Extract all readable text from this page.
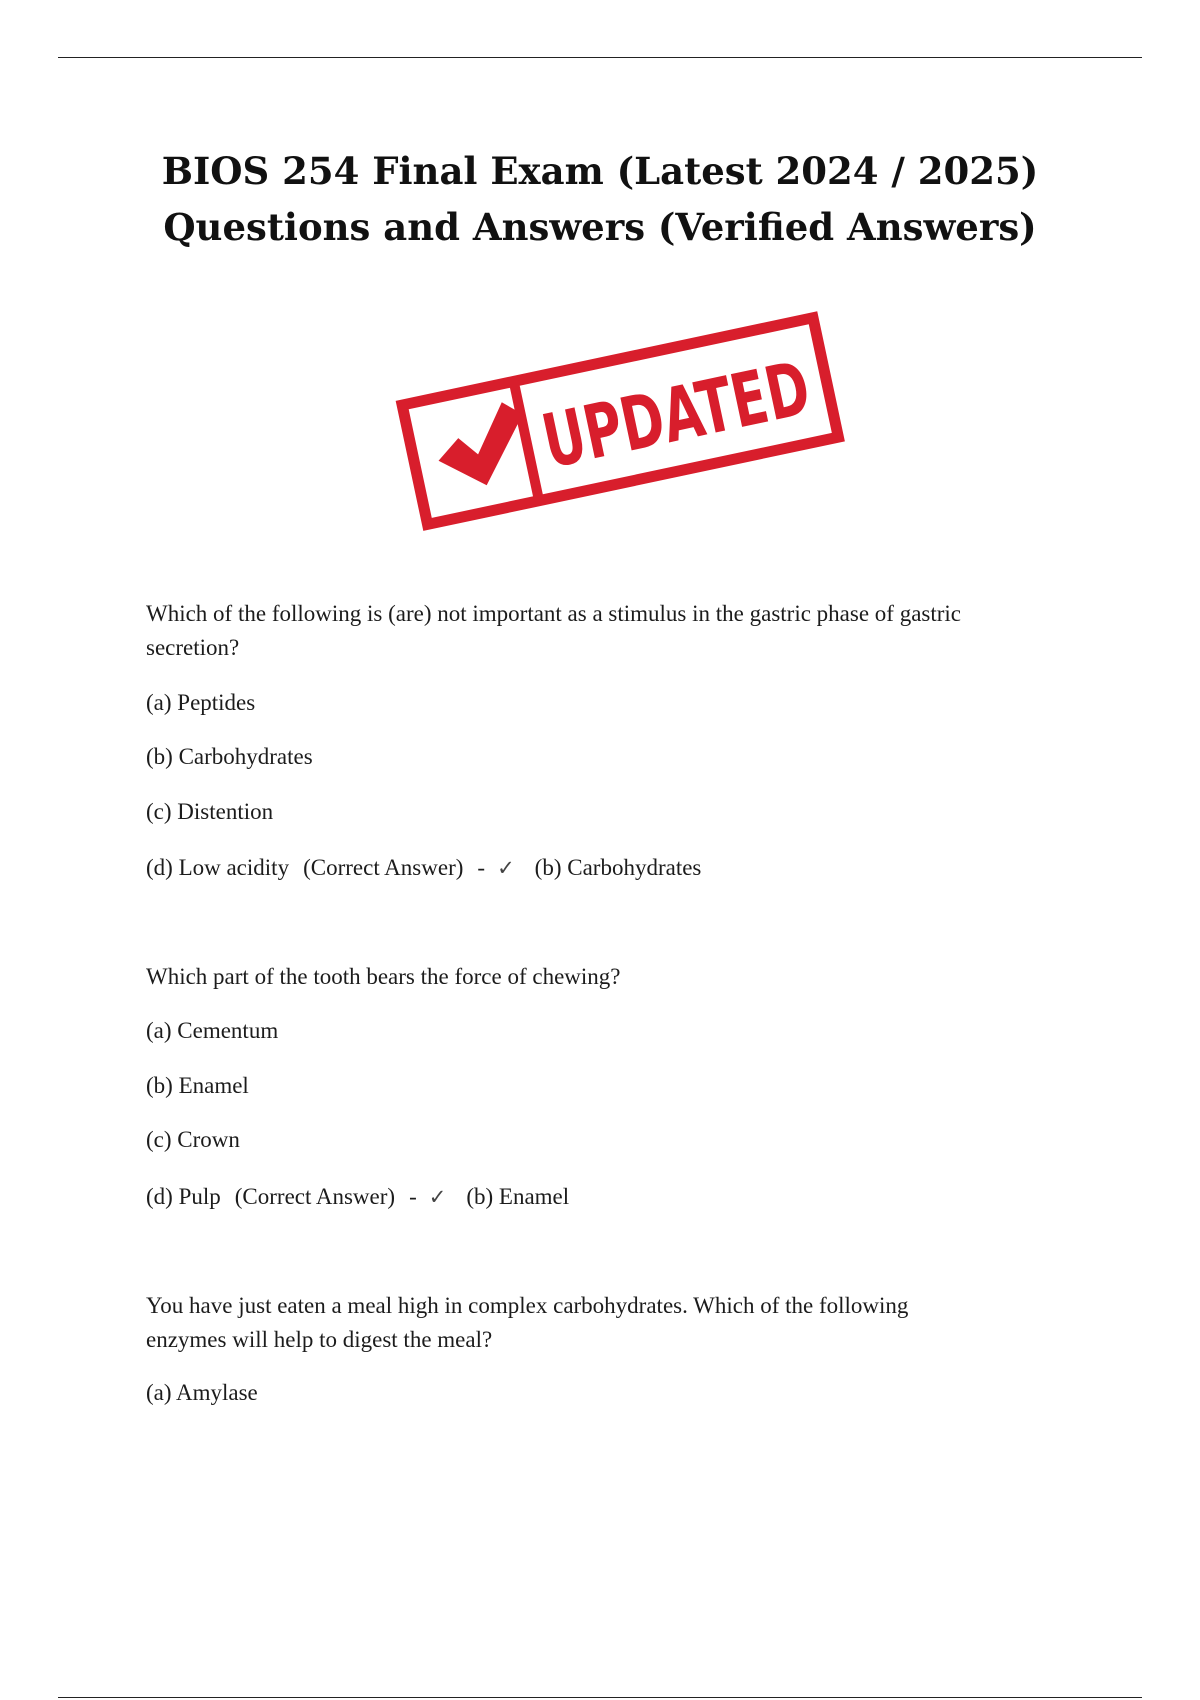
BIOS 254 Final Exam (Latest 2024 / 2025)
Questions and Answers (Verified Answers)
UPDATED
Which of the following is (are) not important as a stimulus in the gastric phase of gastric
secretion?
(a) Peptides
(b) Carbohydrates
(c) Distention
(d) Low acidity (Correct Answer) - ✓ (b) Carbohydrates
Which part of the tooth bears the force of chewing?
(a) Cementum
(b) Enamel
(c) Crown
(d) Pulp (Correct Answer) - ✓ (b) Enamel
You have just eaten a meal high in complex carbohydrates. Which of the following
enzymes will help to digest the meal?
(a) Amylase
